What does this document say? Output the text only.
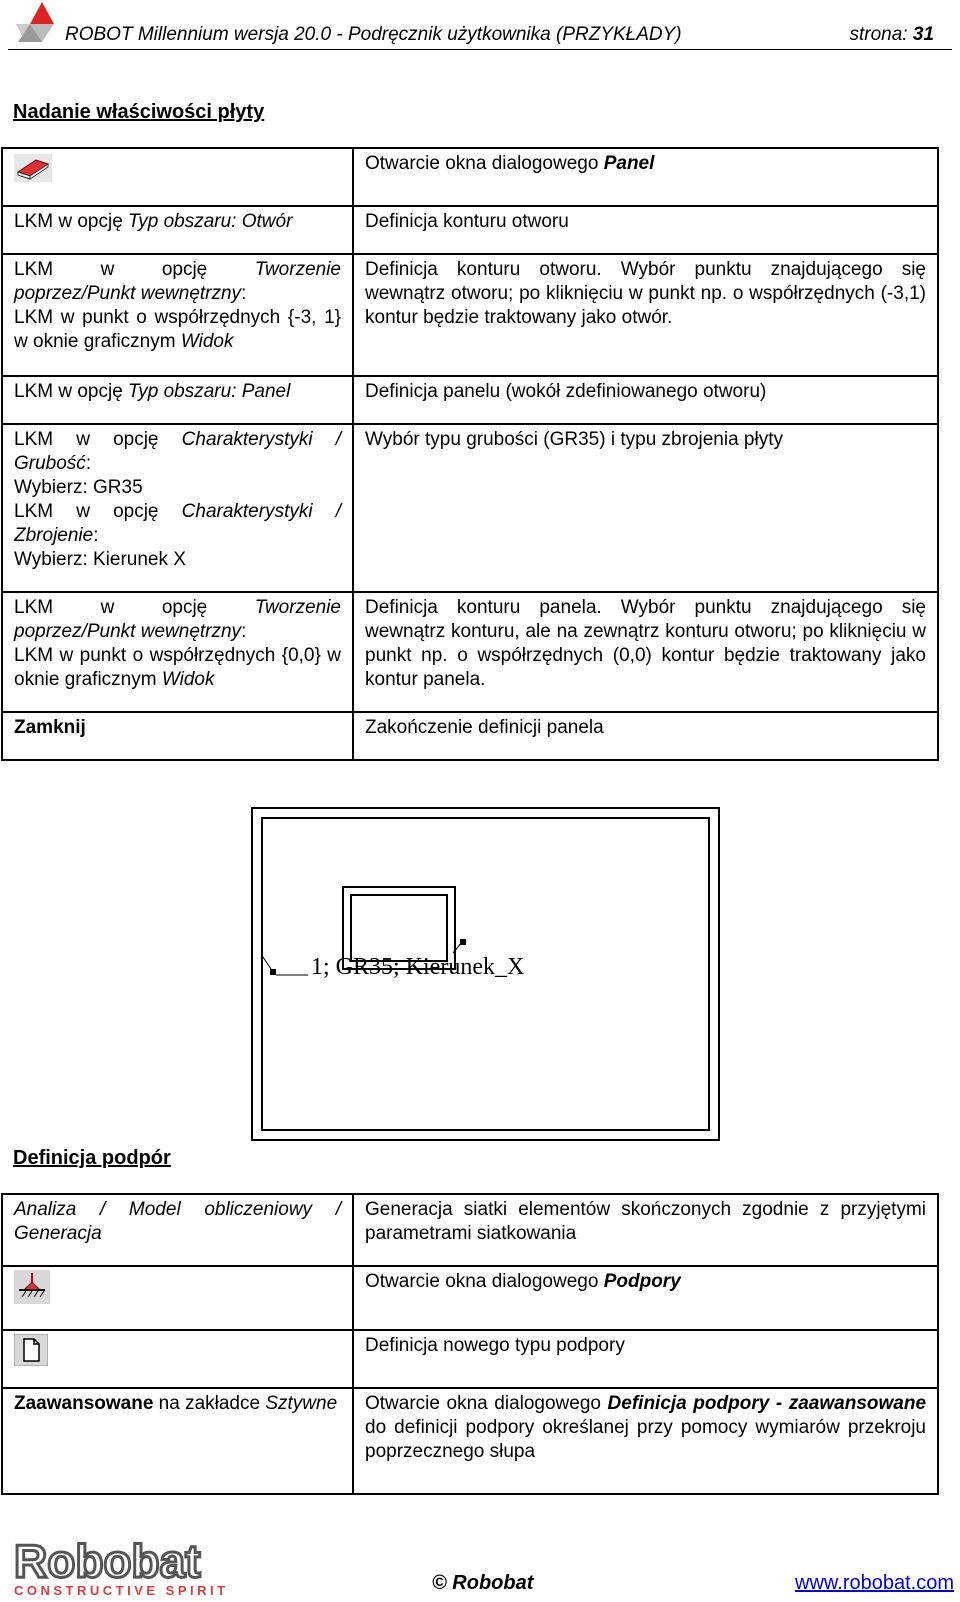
ROBOT Millennium wersja 20.0 - Podręcznik użytkownika (PRZYKŁADY)	strona: 31
Nadanie właściwości płyty
	Otwarcie okna dialogowego Panel
LKM w opcję Typ obszaru: Otwór	Definicja konturu otworu
LKM w opcję Tworzenie poprzez/Punkt wewnętrzny:
LKM w punkt o współrzędnych {-3, 1} w oknie graficznym Widok	Definicja konturu otworu. Wybór punktu znajdującego się wewnątrz otworu; po kliknięciu w punkt np. o współrzędnych (-3,1) kontur będzie traktowany jako otwór.
LKM w opcję Typ obszaru: Panel	Definicja panelu (wokół zdefiniowanego otworu)
LKM w opcję Charakterystyki / Grubość:
Wybierz: GR35
LKM w opcję Charakterystyki / Zbrojenie:
Wybierz: Kierunek X	Wybór typu grubości (GR35) i typu zbrojenia płyty
LKM w opcję Tworzenie poprzez/Punkt wewnętrzny:
LKM w punkt o współrzędnych {0,0} w oknie graficznym Widok	Definicja konturu panela. Wybór punktu znajdującego się wewnątrz konturu, ale na zewnątrz konturu otworu; po kliknięciu w punkt np. o współrzędnych (0,0) kontur będzie traktowany jako kontur panela.
Zamknij	Zakończenie definicji panela
1; GR35; Kierunek_X
Definicja podpór
Analiza / Model obliczeniowy / Generacja	Generacja siatki elementów skończonych zgodnie z przyjętymi parametrami siatkowania
	Otwarcie okna dialogowego Podpory
	Definicja nowego typu podpory
Zaawansowane na zakładce Sztywne	Otwarcie okna dialogowego Definicja podpory - zaawansowane do definicji podpory określanej przy pomocy wymiarów przekroju poprzecznego słupa
Robobat
CONSTRUCTIVE SPIRIT	© Robobat	www.robobat.com
